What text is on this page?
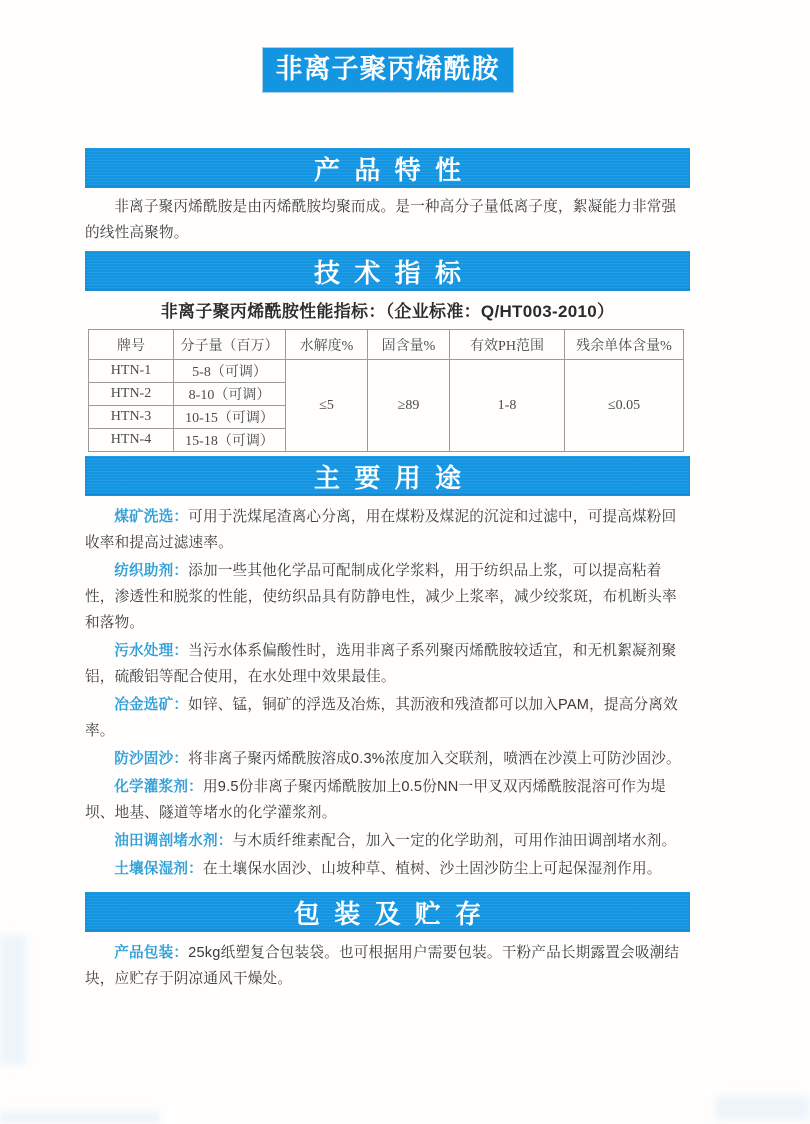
非离子聚丙烯酰胺
产品特性

非离子聚丙烯酰胺是由丙烯酰胺均聚而成。是一种高分子量低离子度，絮凝能力非常强的线性高聚物。

技术指标
非离子聚丙烯酰胺性能指标：（企业标准：Q/HT003-2010）
牌号	分子量（百万）	水解度%	固含量%	有效PH范围	残余单体含量%
HTN-1	5-8（可调）	≤5	≥89	1-8	≤0.05
HTN-2	8-10（可调）				
HTN-3	10-15（可调）				
HTN-4	15-18（可调）				
主要用途

煤矿洗选：可用于洗煤尾渣离心分离，用在煤粉及煤泥的沉淀和过滤中，可提高煤粉回收率和提高过滤速率。

纺织助剂：添加一些其他化学品可配制成化学浆料，用于纺织品上浆，可以提高粘着性，渗透性和脱浆的性能，使纺织品具有防静电性，减少上浆率，减少绞浆斑，布机断头率和落物。

污水处理：当污水体系偏酸性时，选用非离子系列聚丙烯酰胺较适宜，和无机絮凝剂聚铝，硫酸铝等配合使用，在水处理中效果最佳。

冶金选矿：如锌、锰，铜矿的浮选及冶炼，其沥液和残渣都可以加入PAM，提高分离效率。

防沙固沙：将非离子聚丙烯酰胺溶成0.3%浓度加入交联剂，喷洒在沙漠上可防沙固沙。

化学灌浆剂：用9.5份非离子聚丙烯酰胺加上0.5份NN一甲叉双丙烯酰胺混溶可作为堤坝、地基、隧道等堵水的化学灌浆剂。

油田调剖堵水剂：与木质纤维素配合，加入一定的化学助剂，可用作油田调剖堵水剂。

土壤保湿剂：在土壤保水固沙、山坡种草、植树、沙土固沙防尘上可起保湿剂作用。

包装及贮存

产品包装：25kg纸塑复合包装袋。也可根据用户需要包装。干粉产品长期露置会吸潮结块，应贮存于阴凉通风干燥处。
